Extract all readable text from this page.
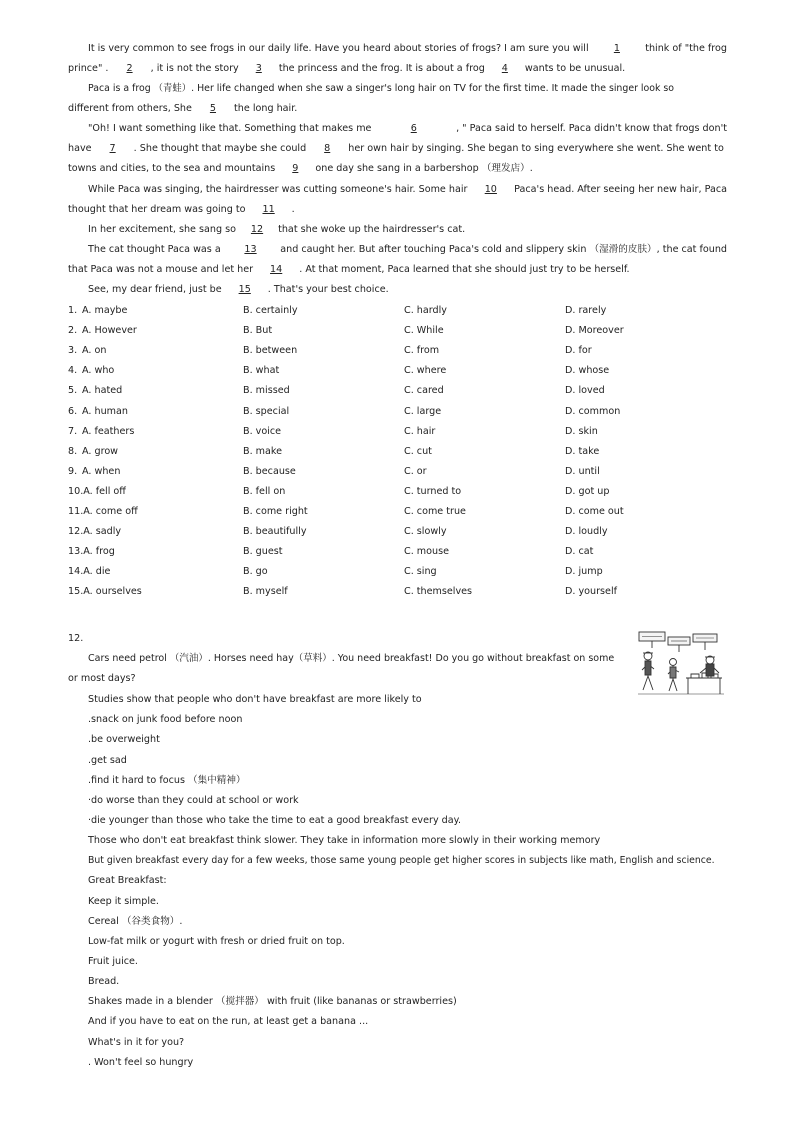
It is very common to see frogs in our daily life. Have you heard about stories of frogs? I am sure you will	1	think of "the frog
prince" . 2 , it is not the story 3 the princess and the frog. It is about a frog 4 wants to be unusual.
Paca is a frog （青蛙）. Her life changed when she saw a singer's long hair on TV for the first time. It made the singer look so
different from others, She 5 the long hair.
"Oh! I want something like that. Something that makes me	6	, " Paca said to herself. Paca didn't know that frogs don't
have 7 . She thought that maybe she could 8 her own hair by singing. She began to sing everywhere she went. She went to
towns and cities, to the sea and mountains 9 one day she sang in a barbershop （理发店）.
While Paca was singing, the hairdresser was cutting someone's hair. Some hair	10	Paca's head. After seeing her new hair, Paca
thought that her dream was going to 11 .
In her excitement, she sang so 12 that she woke up the hairdresser's cat.
The cat thought Paca was a	13	and caught her. But after touching Paca's cold and slippery skin （湿滑的皮肤）, the cat found
that Paca was not a mouse and let her 14 . At that moment, Paca learned that she should just try to be herself.
See, my dear friend, just be 15 . That's your best choice.
1. A. maybe	B. certainly	C. hardly	D. rarely
2. A. However	B. But	C. While	D. Moreover
3. A. on	B. between	C. from	D. for
4. A. who	B. what	C. where	D. whose
5. A. hated	B. missed	C. cared	D. loved
6. A. human	B. special	C. large	D. common
7. A. feathers	B. voice	C. hair	D. skin
8. A. grow	B. make	C. cut	D. take
9. A. when	B. because	C. or	D. until
10.A. fell off	B. fell on	C. turned to	D. got up
11.A. come off	B. come right	C. come true	D. come out
12.A. sadly	B. beautifully	C. slowly	D. loudly
13.A. frog	B. guest	C. mouse	D. cat
14.A. die	B. go	C. sing	D. jump
15.A. ourselves	B. myself	C. themselves	D. yourself
12.
Cars need petrol （汽油）. Horses need hay（草料）. You need breakfast! Do you go without breakfast on some
or most days?
Studies show that people who don't have breakfast are more likely to
.snack on junk food before noon
.be overweight
.get sad
.find it hard to focus （集中精神）
·do worse than they could at school or work
·die younger than those who take the time to eat a good breakfast every day.
Those who don't eat breakfast think slower. They take in information more slowly in their working memory
But given breakfast every day for a few weeks, those same young people get higher scores in subjects like math, English and science.
Great Breakfast:
Keep it simple.
Cereal （谷类食物）.
Low-fat milk or yogurt with fresh or dried fruit on top.
Fruit juice.
Bread.
Shakes made in a blender （搅拌器） with fruit (like bananas or strawberries)
And if you have to eat on the run, at least get a banana ...
What's in it for you?
. Won't feel so hungry
